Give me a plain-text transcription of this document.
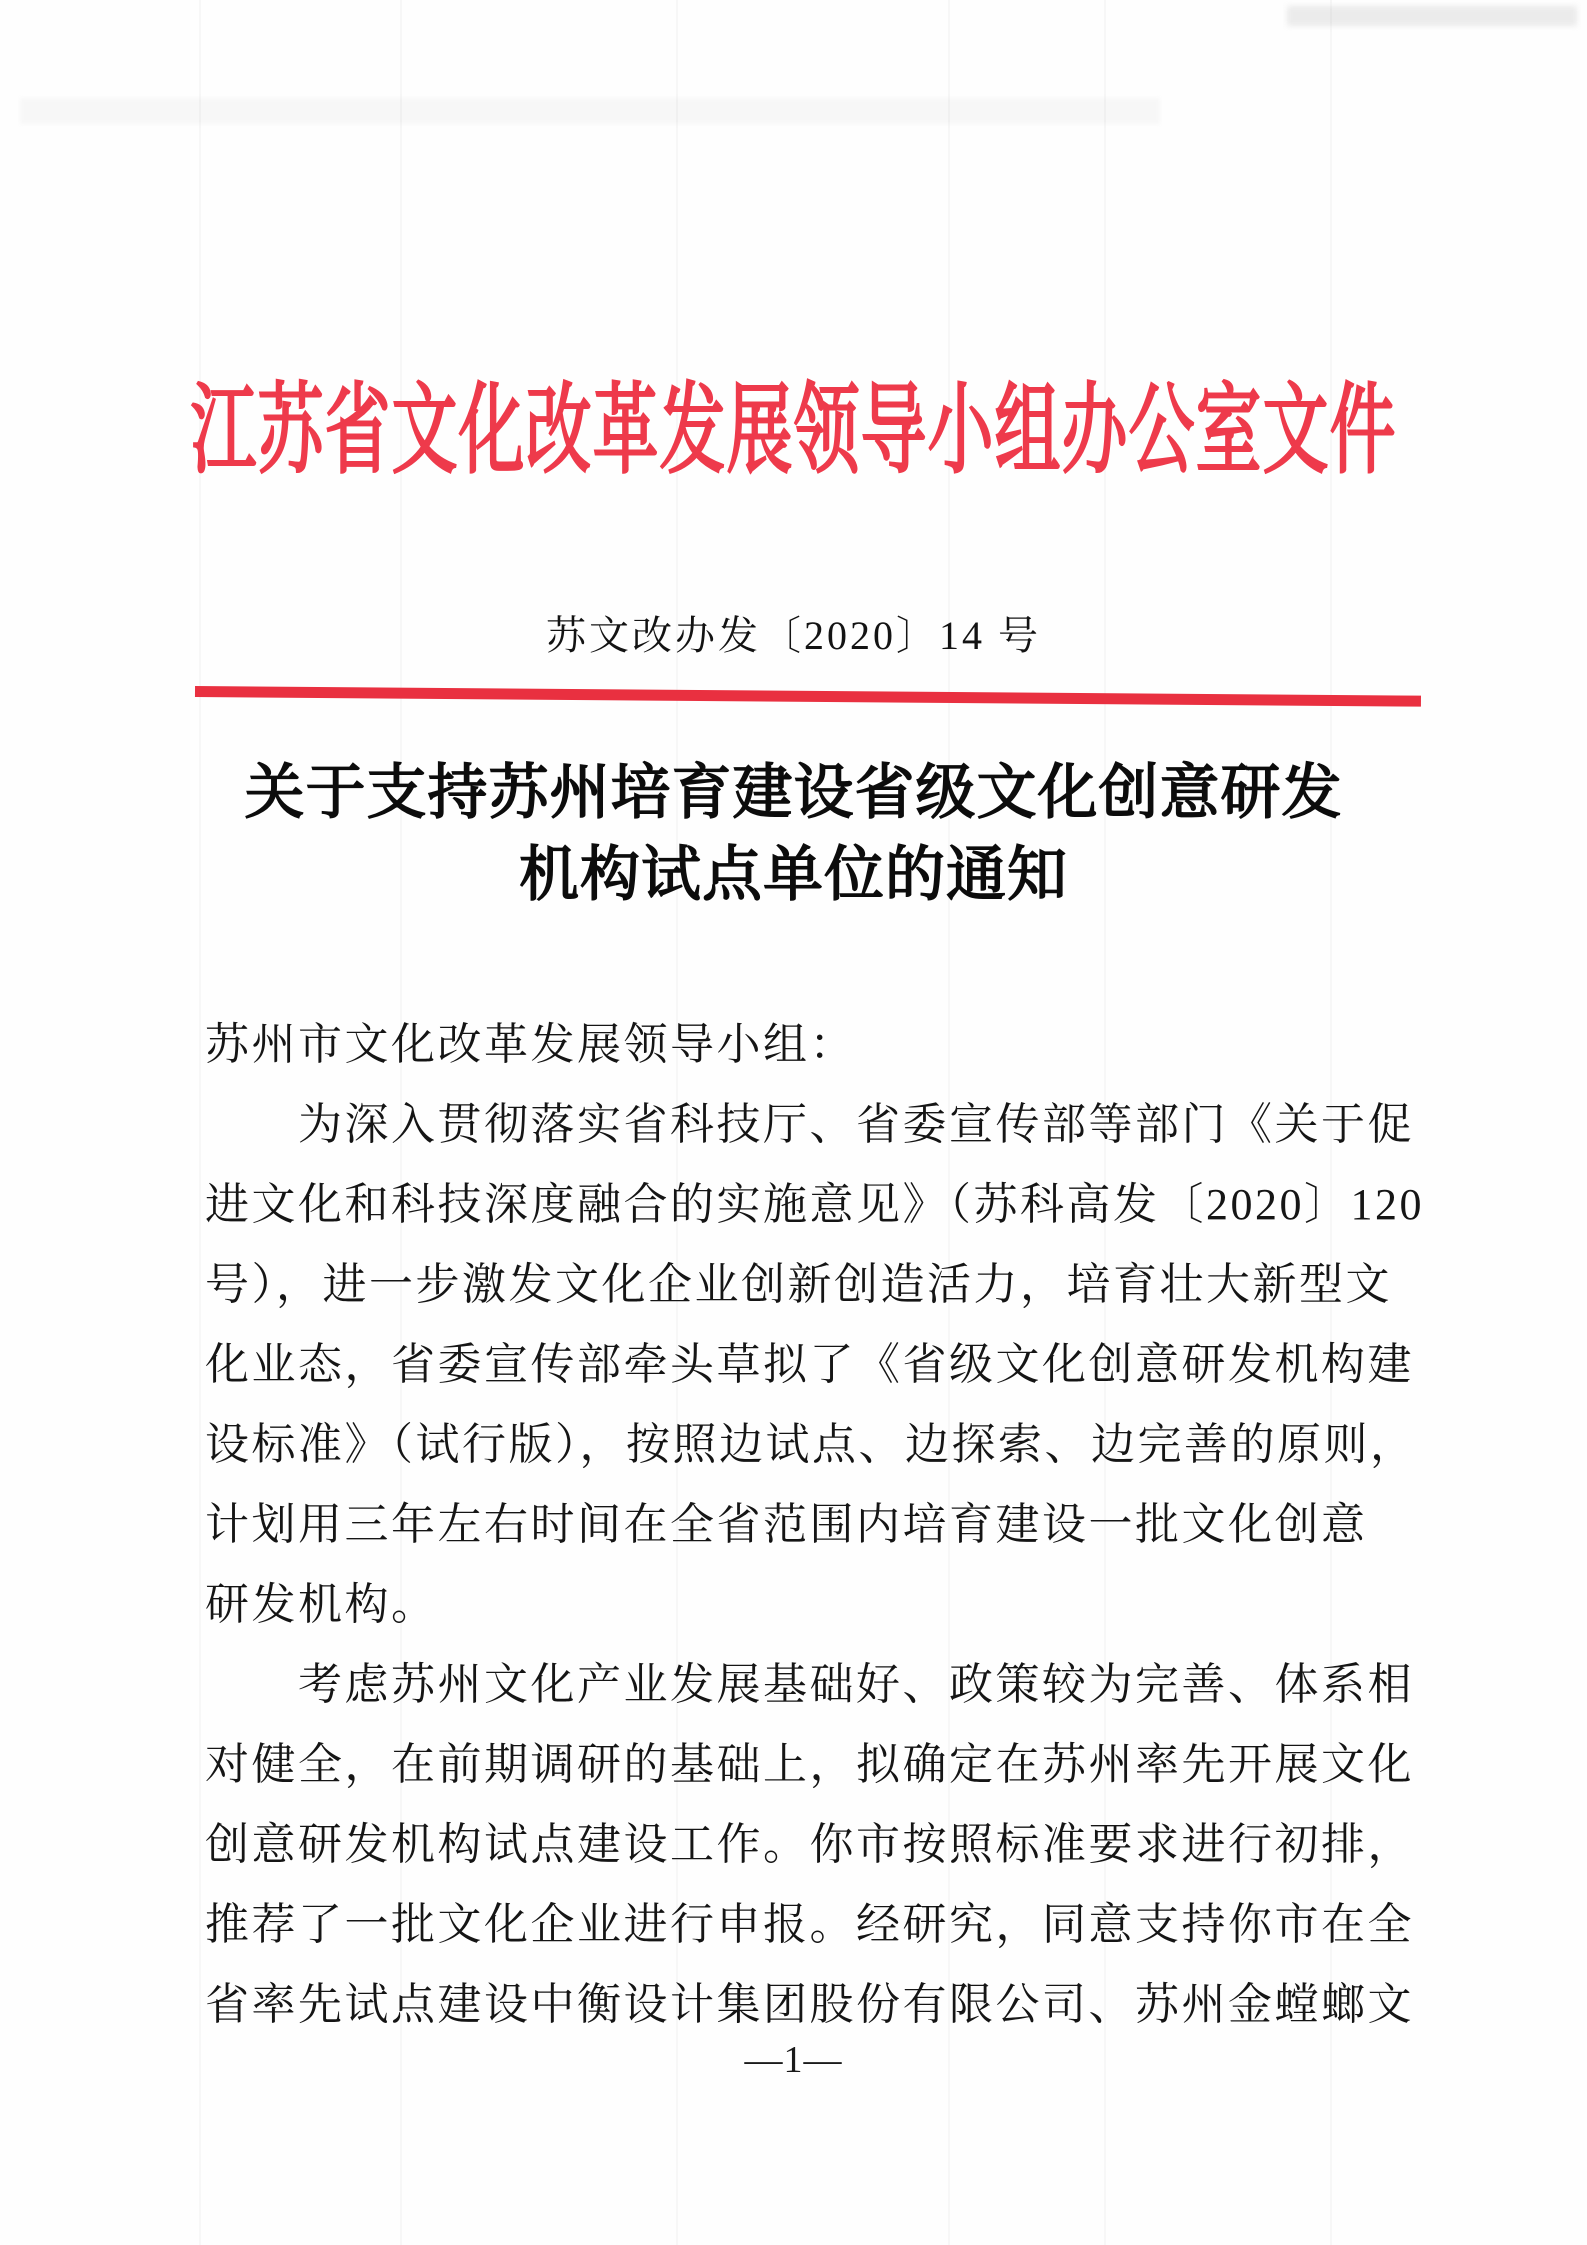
江苏省文化改革发展领导小组办公室文件
苏文改办发〔2020〕14 号
关于支持苏州培育建设省级文化创意研发
机构试点单位的通知
苏州市文化改革发展领导小组：
为深入贯彻落实省科技厅、省委宣传部等部门《关于促
进文化和科技深度融合的实施意见》（苏科高发〔2020〕120
号），进一步激发文化企业创新创造活力，培育壮大新型文
化业态，省委宣传部牵头草拟了《省级文化创意研发机构建
设标准》（试行版），按照边试点、边探索、边完善的原则，
计划用三年左右时间在全省范围内培育建设一批文化创意
研发机构。
考虑苏州文化产业发展基础好、政策较为完善、体系相
对健全，在前期调研的基础上，拟确定在苏州率先开展文化
创意研发机构试点建设工作。你市按照标准要求进行初排，
推荐了一批文化企业进行申报。经研究，同意支持你市在全
省率先试点建设中衡设计集团股份有限公司、苏州金螳螂文
—1—
